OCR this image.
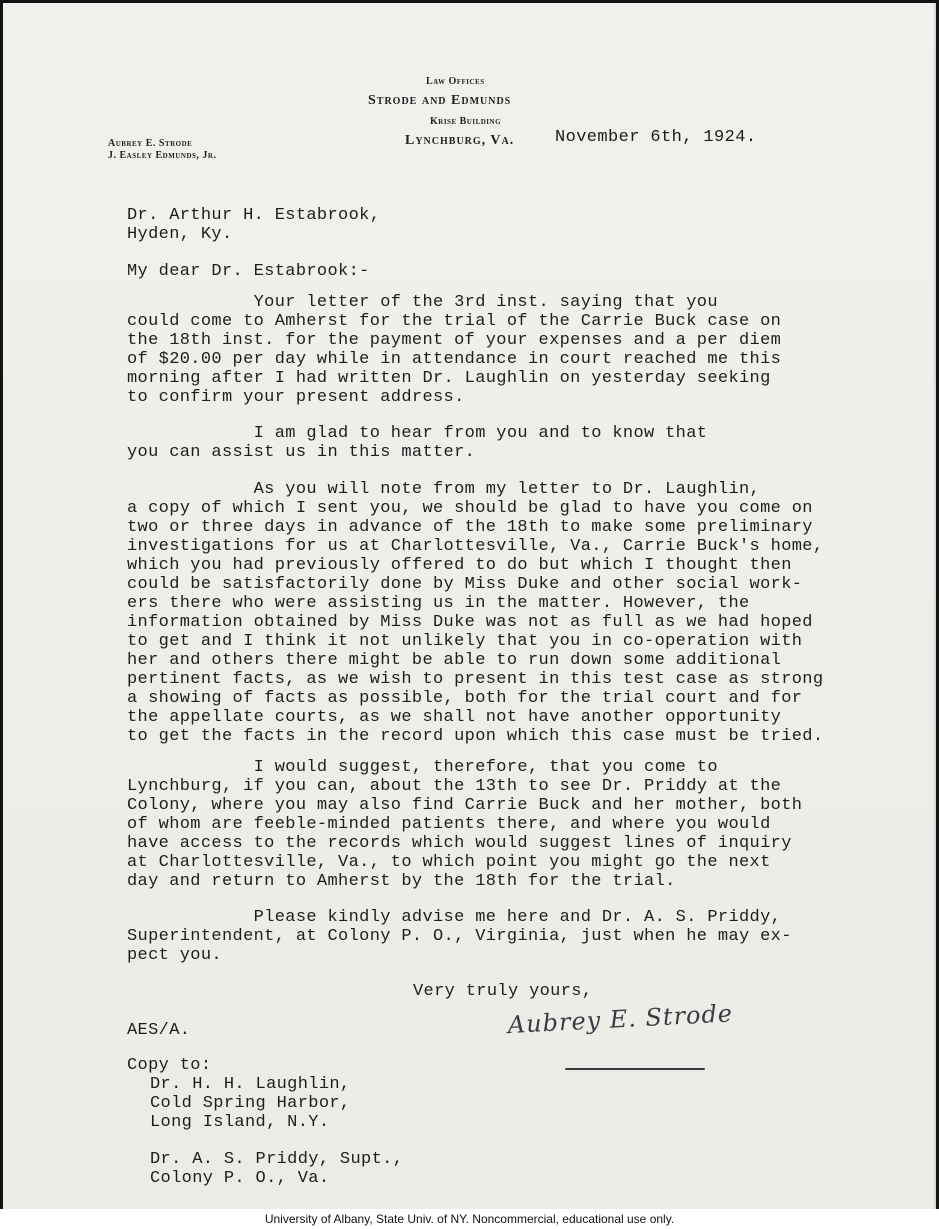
Law Offices
Strode and Edmunds
Krise Building
Lynchburg, Va.
Aubrey E. Strode
J. Easley Edmunds, Jr.
November 6th, 1924.
Dr. Arthur H. Estabrook,
Hyden, Ky.
My dear Dr. Estabrook:-
Your letter of the 3rd inst. saying that you
could come to Amherst for the trial of the Carrie Buck case on
the 18th inst. for the payment of your expenses and a per diem
of $20.00 per day while in attendance in court reached me this
morning after I had written Dr. Laughlin on yesterday seeking
to confirm your present address.
I am glad to hear from you and to know that
you can assist us in this matter.
As you will note from my letter to Dr. Laughlin,
a copy of which I sent you, we should be glad to have you come on
two or three days in advance of the 18th to make some preliminary
investigations for us at Charlottesville, Va., Carrie Buck's home,
which you had previously offered to do but which I thought then
could be satisfactorily done by Miss Duke and other social work-
ers there who were assisting us in the matter. However, the
information obtained by Miss Duke was not as full as we had hoped
to get and I think it not unlikely that you in co-operation with
her and others there might be able to run down some additional
pertinent facts, as we wish to present in this test case as strong
a showing of facts as possible, both for the trial court and for
the appellate courts, as we shall not have another opportunity
to get the facts in the record upon which this case must be tried.
I would suggest, therefore, that you come to
Lynchburg, if you can, about the 13th to see Dr. Priddy at the
Colony, where you may also find Carrie Buck and her mother, both
of whom are feeble-minded patients there, and where you would
have access to the records which would suggest lines of inquiry
at Charlottesville, Va., to which point you might go the next
day and return to Amherst by the 18th for the trial.
Please kindly advise me here and Dr. A. S. Priddy,
Superintendent, at Colony P. O., Virginia, just when he may ex-
pect you.
Very truly yours,
Aubrey E. Strode
AES/A.
Copy to:
Dr. H. H. Laughlin,
Cold Spring Harbor,
Long Island, N.Y.
Dr. A. S. Priddy, Supt.,
Colony P. O., Va.
University of Albany, State Univ. of NY. Noncommercial, educational use only.
